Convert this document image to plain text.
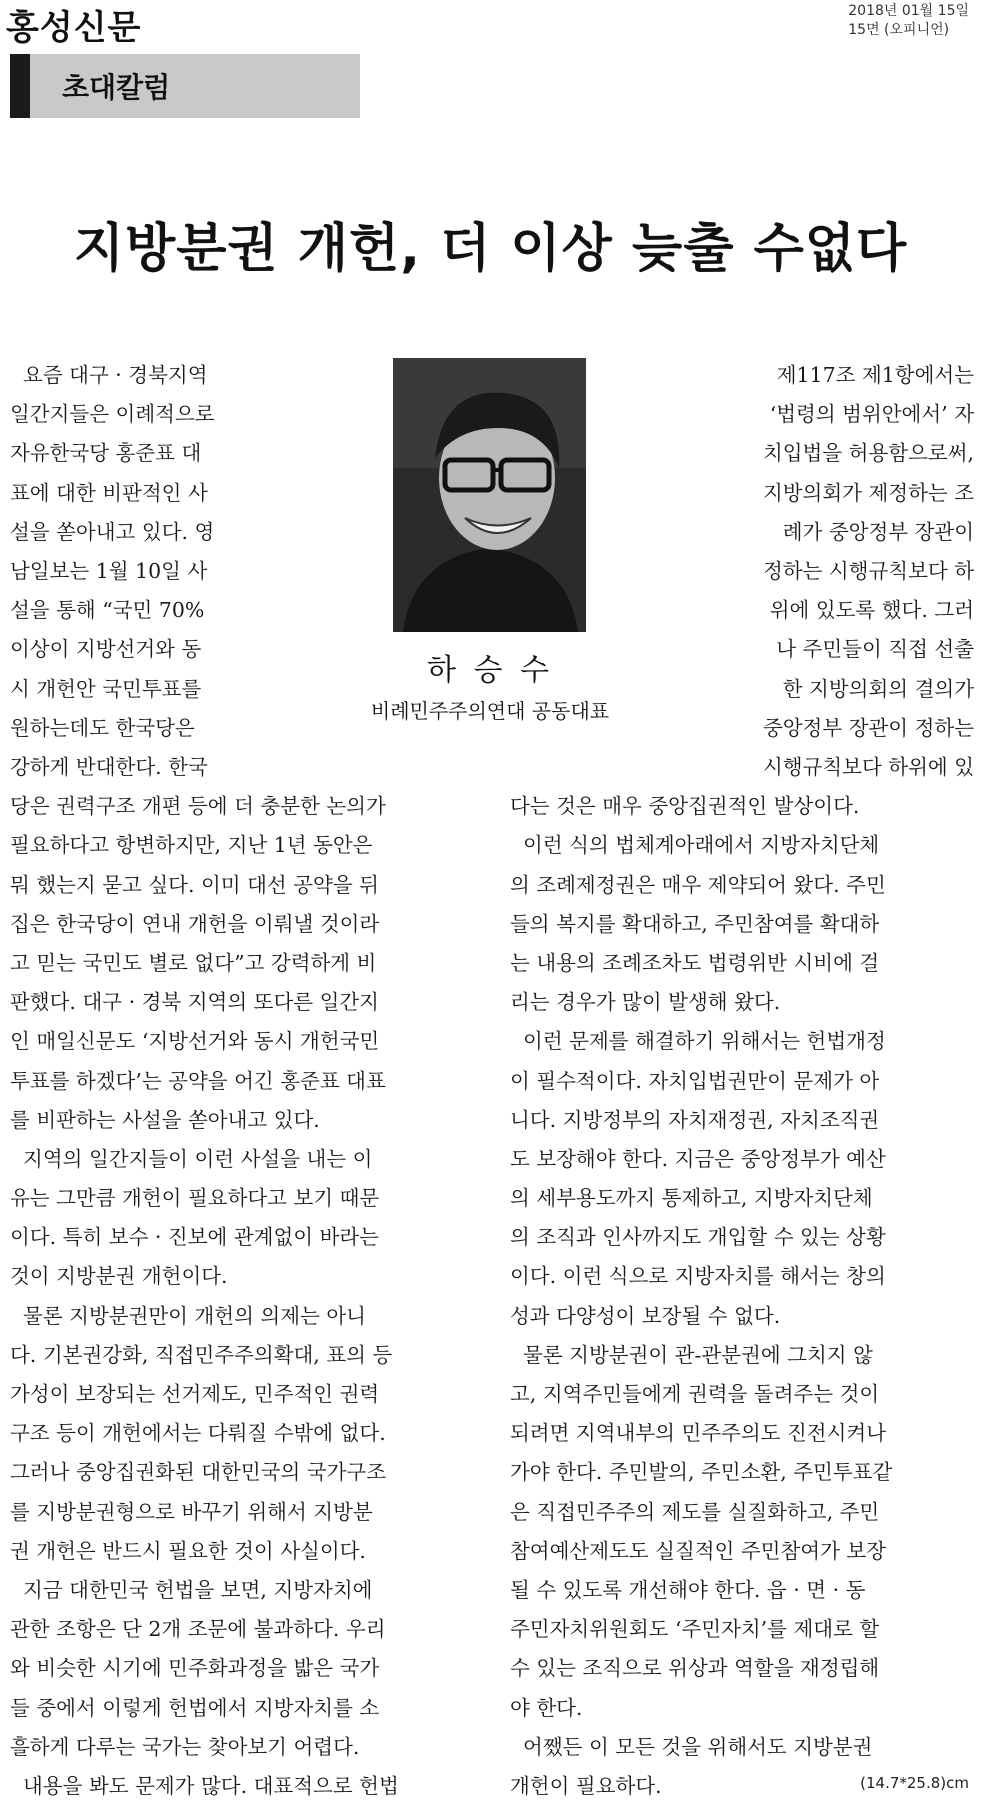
홍성신문	2018년 01월 15일
15면 (오피니언)
초대칼럼
지방분권 개헌, 더 이상 늦출 수없다
하 승 수
비례민주주의연대 공동대표
요즘 대구 · 경북지역
일간지들은 이례적으로
자유한국당 홍준표 대
표에 대한 비판적인 사
설을 쏟아내고 있다. 영
남일보는 1월 10일 사
설을 통해 “국민 70%
이상이 지방선거와 동
시 개헌안 국민투표를
원하는데도 한국당은
강하게 반대한다. 한국
제117조 제1항에서는
‘법령의 범위안에서’ 자
치입법을 허용함으로써,
지방의회가 제정하는 조
례가 중앙정부 장관이
정하는 시행규칙보다 하
위에 있도록 했다. 그러
나 주민들이 직접 선출
한 지방의회의 결의가
중앙정부 장관이 정하는
시행규칙보다 하위에 있
당은 권력구조 개편 등에 더 충분한 논의가
필요하다고 항변하지만, 지난 1년 동안은
뭐 했는지 묻고 싶다. 이미 대선 공약을 뒤
집은 한국당이 연내 개헌을 이뤄낼 것이라
고 믿는 국민도 별로 없다”고 강력하게 비
판했다. 대구 · 경북 지역의 또다른 일간지
인 매일신문도 ‘지방선거와 동시 개헌국민
투표를 하겠다’는 공약을 어긴 홍준표 대표
를 비판하는 사설을 쏟아내고 있다.
지역의 일간지들이 이런 사설을 내는 이
유는 그만큼 개헌이 필요하다고 보기 때문
이다. 특히 보수 · 진보에 관계없이 바라는
것이 지방분권 개헌이다.
물론 지방분권만이 개헌의 의제는 아니
다. 기본권강화, 직접민주주의확대, 표의 등
가성이 보장되는 선거제도, 민주적인 권력
구조 등이 개헌에서는 다뤄질 수밖에 없다.
그러나 중앙집권화된 대한민국의 국가구조
를 지방분권형으로 바꾸기 위해서 지방분
권 개헌은 반드시 필요한 것이 사실이다.
지금 대한민국 헌법을 보면, 지방자치에
관한 조항은 단 2개 조문에 불과하다. 우리
와 비슷한 시기에 민주화과정을 밟은 국가
들 중에서 이렇게 헌법에서 지방자치를 소
흘하게 다루는 국가는 찾아보기 어렵다.
내용을 봐도 문제가 많다. 대표적으로 헌법
다는 것은 매우 중앙집권적인 발상이다.
이런 식의 법체계아래에서 지방자치단체
의 조례제정권은 매우 제약되어 왔다. 주민
들의 복지를 확대하고, 주민참여를 확대하
는 내용의 조례조차도 법령위반 시비에 걸
리는 경우가 많이 발생해 왔다.
이런 문제를 해결하기 위해서는 헌법개정
이 필수적이다. 자치입법권만이 문제가 아
니다. 지방정부의 자치재정권, 자치조직권
도 보장해야 한다. 지금은 중앙정부가 예산
의 세부용도까지 통제하고, 지방자치단체
의 조직과 인사까지도 개입할 수 있는 상황
이다. 이런 식으로 지방자치를 해서는 창의
성과 다양성이 보장될 수 없다.
물론 지방분권이 관-관분권에 그치지 않
고, 지역주민들에게 권력을 돌려주는 것이
되려면 지역내부의 민주주의도 진전시켜나
가야 한다. 주민발의, 주민소환, 주민투표같
은 직접민주주의 제도를 실질화하고, 주민
참여예산제도도 실질적인 주민참여가 보장
될 수 있도록 개선해야 한다. 읍 · 면 · 동
주민자치위원회도 ‘주민자치’를 제대로 할
수 있는 조직으로 위상과 역할을 재정립해
야 한다.
어쨌든 이 모든 것을 위해서도 지방분권
개헌이 필요하다.	(14.7*25.8)cm
